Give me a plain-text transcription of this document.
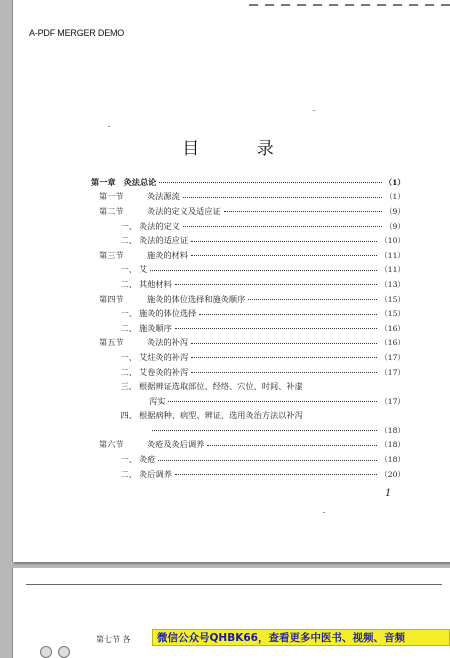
A-PDF MERGER DEMO
目 录
第一章 灸法总论	（1）
第一节	灸法源流	（1）
第二节	灸法的定义及适应证	（9）
一、 灸法的定义	（9）
二、 灸法的适应证	（10）
第三节	施灸的材料	（11）
一、 艾	（11）
二、 其他材料	（13）
第四节	施灸的体位选择和施灸顺序	（15）
一、 施灸的体位选择	（15）
二、 施灸顺序	（16）
第五节	灸法的补泻	（16）
一、 艾炷灸的补泻	（17）
二、 艾卷灸的补泻	（17）
三、 根据辨证选取部位、经络、穴位、时间、补虚
泻实	（17）
四、 根据病种、病型、辨证，选用灸治方法以补泻
（18）
第六节	灸疮及灸后调养	（18）
一、 灸疮	（18）
二、 灸后调养	（20）
1
第七节 各	微信公众号QHBK66，查看更多中医书、视频、音频
